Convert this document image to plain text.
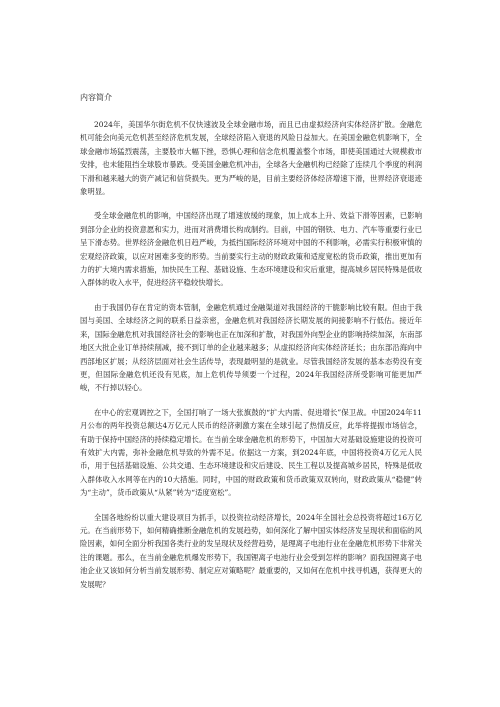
内容简介

2024年，美国华尔街危机不仅快速波及全球金融市场，而且已由虚拟经济向实体经济扩散。金融危机可能会向美元危机甚至经济危机发展，全球经济陷入衰退的风险日益加大。在美国金融危机影响下，全球金融市场猛烈震荡，主要股市大幅下挫，恐惧心理和信念危机覆盖整个市场，即使美国通过大规模救市安排，也未能阻挡全球股市暴跌。受美国金融危机冲击，全球各大金融机构已经除了连续几个季度的利润下滑和越来越大的资产减记和信贷损失。更为严峻的是，目前主要经济体经济增速下滑，世界经济衰退迹象明显。

受全球金融危机的影响，中国经济出现了增速放缓的现象，加上成本上升、效益下滑等因素，已影响到部分企业的投资意愿和实力，进而对消费增长构成制约。目前，中国的钢铁、电力、汽车等重要行业已呈下滑态势。世界经济金融危机日趋严峻，为抵挡国际经济环境对中国的不利影响，必需实行积极审慎的宏观经济政策，以应对困难多变的形势。当前要实行主动的财政政策和适度宽松的货币政策，推出更加有力的扩大境内需求措施，加快民生工程、基础设施、生态环境建设和灾后重建，提高城乡居民特殊是低收入群体的收入水平，促进经济平稳较快增长。

由于我国仍存在肯定的资本管制，金融危机通过金融渠道对我国经济的干脆影响比较有限。但由于我国与美国、全球经济之间的联系日益亲密，金融危机对我国经济长期发展的间接影响不行低估。接近年来，国际金融危机对我国经济社会的影响也正在加深和扩散，对我国外向型企业的影响持续加深，东南部地区大批企业订单持续削减，接不到订单的企业越来越多；从虚拟经济向实体经济延长；由东部沿海向中西部地区扩展；从经济层面对社会生活传导，表现最明显的是就业。尽管我国经济发展的基本态势没有变更，但国际金融危机还没有见底，加上危机传导须要一个过程，2024年我国经济所受影响可能更加严峻，不行掉以轻心。

在中心的宏观调控之下，全国打响了一场大张旗鼓的“扩大内需、促进增长”保卫战。中国2024年11月公布的两年投资总额达4万亿元人民币的经济刺激方案在全球引起了热情反应，此举将提振市场信念，有助于保持中国经济的持续稳定增长。在当前全球金融危机的形势下，中国加大对基础设施建设的投资可有效扩大内需，弥补金融危机导致的外需不足。依据这一方案，到2024年底，中国将投资4万亿元人民币，用于包括基础设施、公共交通、生态环境建设和灾后建设、民生工程以及提高城乡居民，特殊是低收入群体收入水网等在内的10大措施。同时，中国的财政政策和货币政策双双转向，财政政策从“稳健”转为“主动”，货币政策从“从紧”转为“适度宽松”。

全国各地纷纷以重大建设项目为抓手，以投资拉动经济增长，2024年全国社会总投资将超过16万亿元。在当前形势下，如何精确推断金融危机的发展趋势，如何深化了解中国实体经济发呈现状和面临的风险因素，如何全面分析我国各类行业的发呈现状及经营趋势，是理离子电池行业在金融危机形势下非常关注的课题。那么，在当前金融危机爆发形势下，我国锂离子电池行业会受到怎样的影响？面我国锂离子电池企业又该如何分析当前发展形势、制定应对策略呢？最重要的，又如何在危机中找寻机遇，获得更大的发展呢？
